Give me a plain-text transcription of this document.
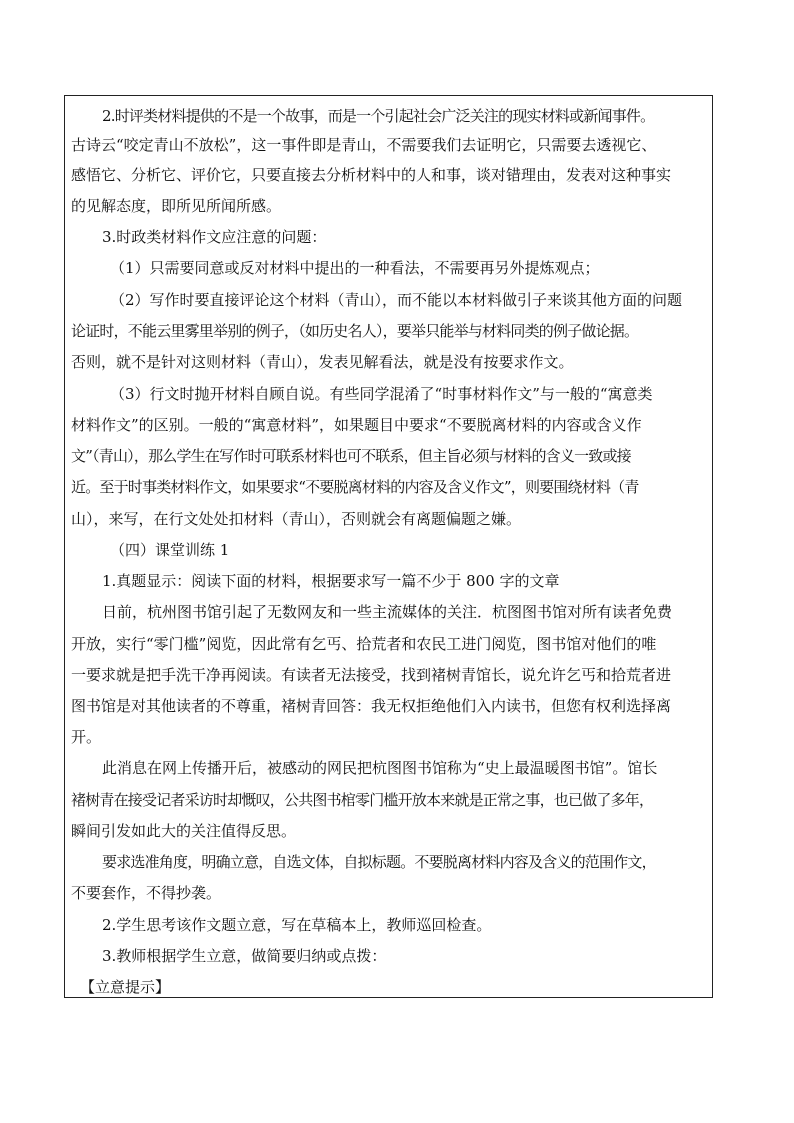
2.时评类材料提供的不是一个故事，而是一个引起社会广泛关注的现实材料或新闻事件。
古诗云“咬定青山不放松”，这一事件即是青山，不需要我们去证明它，只需要去透视它、
感悟它、分析它、评价它，只要直接去分析材料中的人和事，谈对错理由，发表对这种事实
的见解态度，即所见所闻所感。
3.时政类材料作文应注意的问题：
（1）只需要同意或反对材料中提出的一种看法，不需要再另外提炼观点；
（2）写作时要直接评论这个材料（青山），而不能以本材料做引子来谈其他方面的问题
论证时，不能云里雾里举别的例子，（如历史名人），要举只能举与材料同类的例子做论据。
否则，就不是针对这则材料（青山），发表见解看法，就是没有按要求作文。
（3）行文时抛开材料自顾自说。有些同学混淆了“时事材料作文”与一般的“寓意类
材料作文”的区别。一般的“寓意材料”，如果题目中要求“不要脱离材料的内容或含义作
文”（青山），那么学生在写作时可联系材料也可不联系，但主旨必须与材料的含义一致或接
近。至于时事类材料作文，如果要求“不要脱离材料的内容及含义作文”，则要围绕材料（青
山），来写，在行文处处扣材料（青山），否则就会有离题偏题之嫌。
（四）课堂训练 1
1.真题显示：阅读下面的材料，根据要求写一篇不少于 800 字的文章
日前，杭州图书馆引起了无数网友和一些主流媒体的关注．杭图图书馆对所有读者免费
开放，实行“零门槛”阅览，因此常有乞丐、拾荒者和农民工进门阅览，图书馆对他们的唯
一要求就是把手洗干净再阅读。有读者无法接受，找到褚树青馆长，说允许乞丐和拾荒者进
图书馆是对其他读者的不尊重，褚树青回答：我无权拒绝他们入内读书，但您有权利选择离
开。
此消息在网上传播开后，被感动的网民把杭图图书馆称为“史上最温暖图书馆”。馆长
褚树青在接受记者采访时却慨叹，公共图书棺零门槛开放本来就是正常之事，也已做了多年，
瞬间引发如此大的关注值得反思。
要求选准角度，明确立意，自选文体，自拟标题。不要脱离材料内容及含义的范围作文，
不要套作，不得抄袭。
2.学生思考该作文题立意，写在草稿本上，教师巡回检查。
3.教师根据学生立意，做简要归纳或点拨：
【立意提示】
